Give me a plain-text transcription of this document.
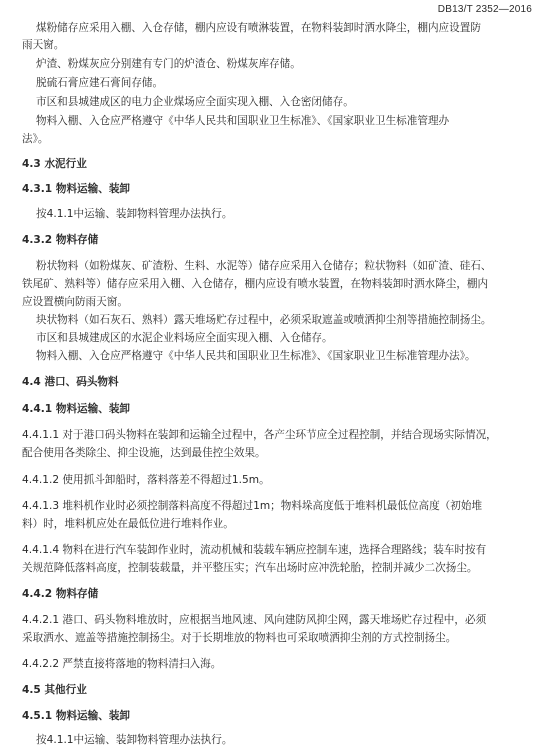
DB13/T 2352—2016
煤粉储存应采用入棚、入仓存储，棚内应设有喷淋装置，在物料装卸时洒水降尘，棚内应设置防
雨天窗。
炉渣、粉煤灰应分别建有专门的炉渣仓、粉煤灰库存储。
脱硫石膏应建石膏间存储。
市区和县城建成区的电力企业煤场应全面实现入棚、入仓密闭储存。
物料入棚、入仓应严格遵守《中华人民共和国职业卫生标准》、《国家职业卫生标准管理办
法》。
4.3 水泥行业
4.3.1 物料运输、装卸
按4.1.1中运输、装卸物料管理办法执行。
4.3.2 物料存储
粉状物料（如粉煤灰、矿渣粉、生料、水泥等）储存应采用入仓储存；粒状物料（如矿渣、硅石、
铁尾矿、熟料等）储存应采用入棚、入仓储存，棚内应设有喷水装置，在物料装卸时洒水降尘，棚内
应设置横向防雨天窗。
块状物料（如石灰石、熟料）露天堆场贮存过程中，必须采取遮盖或喷洒抑尘剂等措施控制扬尘。
市区和县城建成区的水泥企业料场应全面实现入棚、入仓储存。
物料入棚、入仓应严格遵守《中华人民共和国职业卫生标准》、《国家职业卫生标准管理办法》。
4.4 港口、码头物料
4.4.1 物料运输、装卸
4.4.1.1 对于港口码头物料在装卸和运输全过程中，各产尘环节应全过程控制，并结合现场实际情况，
配合使用各类除尘、抑尘设施，达到最佳控尘效果。
4.4.1.2 使用抓斗卸船时，落料落差不得超过1.5m。
4.4.1.3 堆料机作业时必须控制落料高度不得超过1m；物料垛高度低于堆料机最低位高度（初始堆
料）时，堆料机应处在最低位进行堆料作业。
4.4.1.4 物料在进行汽车装卸作业时，流动机械和装载车辆应控制车速，选择合理路线；装车时按有
关规范降低落料高度，控制装载量，并平整压实；汽车出场时应冲洗轮胎，控制并减少二次扬尘。
4.4.2 物料存储
4.4.2.1 港口、码头物料堆放时，应根据当地风速、风向建防风抑尘网，露天堆场贮存过程中，必须
采取洒水、遮盖等措施控制扬尘。对于长期堆放的物料也可采取喷洒抑尘剂的方式控制扬尘。
4.4.2.2 严禁直接将落地的物料清扫入海。
4.5 其他行业
4.5.1 物料运输、装卸
按4.1.1中运输、装卸物料管理办法执行。
